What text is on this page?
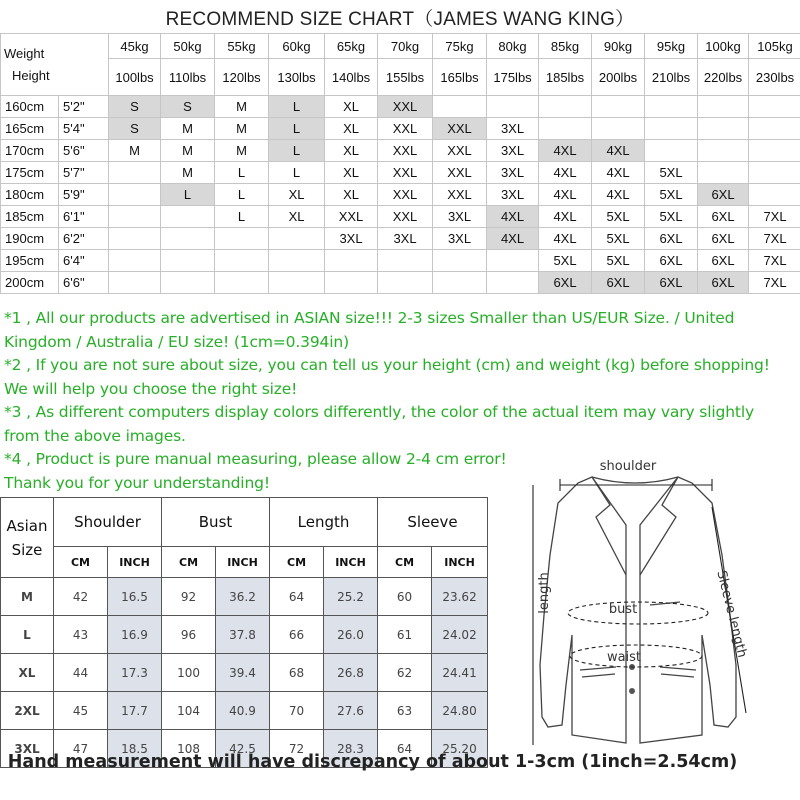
RECOMMEND SIZE CHART（JAMES WANG KING）
Weight
Height		45kg	50kg	55kg	60kg	65kg	70kg	75kg	80kg	85kg	90kg	95kg	100kg	105kg
		100lbs	110lbs	120lbs	130lbs	140lbs	155lbs	165lbs	175lbs	185lbs	200lbs	210lbs	220lbs	230lbs
160cm	5'2"	S	S	M	L	XL	XXL							
165cm	5'4"	S	M	M	L	XL	XXL	XXL	3XL					
170cm	5'6"	M	M	M	L	XL	XXL	XXL	3XL	4XL	4XL			
175cm	5'7"		M	L	L	XL	XXL	XXL	3XL	4XL	4XL	5XL		
180cm	5'9"		L	L	XL	XL	XXL	XXL	3XL	4XL	4XL	5XL	6XL	
185cm	6'1"			L	XL	XXL	XXL	3XL	4XL	4XL	5XL	5XL	6XL	7XL
190cm	6'2"					3XL	3XL	3XL	4XL	4XL	5XL	6XL	6XL	7XL
195cm	6'4"									5XL	5XL	6XL	6XL	7XL
200cm	6'6"									6XL	6XL	6XL	6XL	7XL

*1 , All our products are advertised in ASIAN size!!! 2-3 sizes Smaller than US/EUR Size. / United Kingdom / Australia / EU size! (1cm=0.394in)

*2 , If you are not sure about size, you can tell us your height (cm) and weight (kg) before shopping! We will help you choose the right size!

*3 , As different computers display colors differently, the color of the actual item may vary slightly from the above images.

*4 , Product is pure manual measuring, please allow 2-4 cm error!

Thank you for your understanding!

Asian
Size	Shoulder		Bust		Length		Sleeve	
	CM	INCH	CM	INCH	CM	INCH	CM	INCH
M	42	16.5	92	36.2	64	25.2	60	23.62
L	43	16.9	96	37.8	66	26.0	61	24.02
XL	44	17.3	100	39.4	68	26.8	62	24.41
2XL	45	17.7	104	40.9	70	27.6	63	24.80
3XL	47	18.5	108	42.5	72	28.3	64	25.20
shoulder
length	bust
waist	Sleeve length
Hand measurement will have discrepancy of about 1-3cm (1inch=2.54cm)
